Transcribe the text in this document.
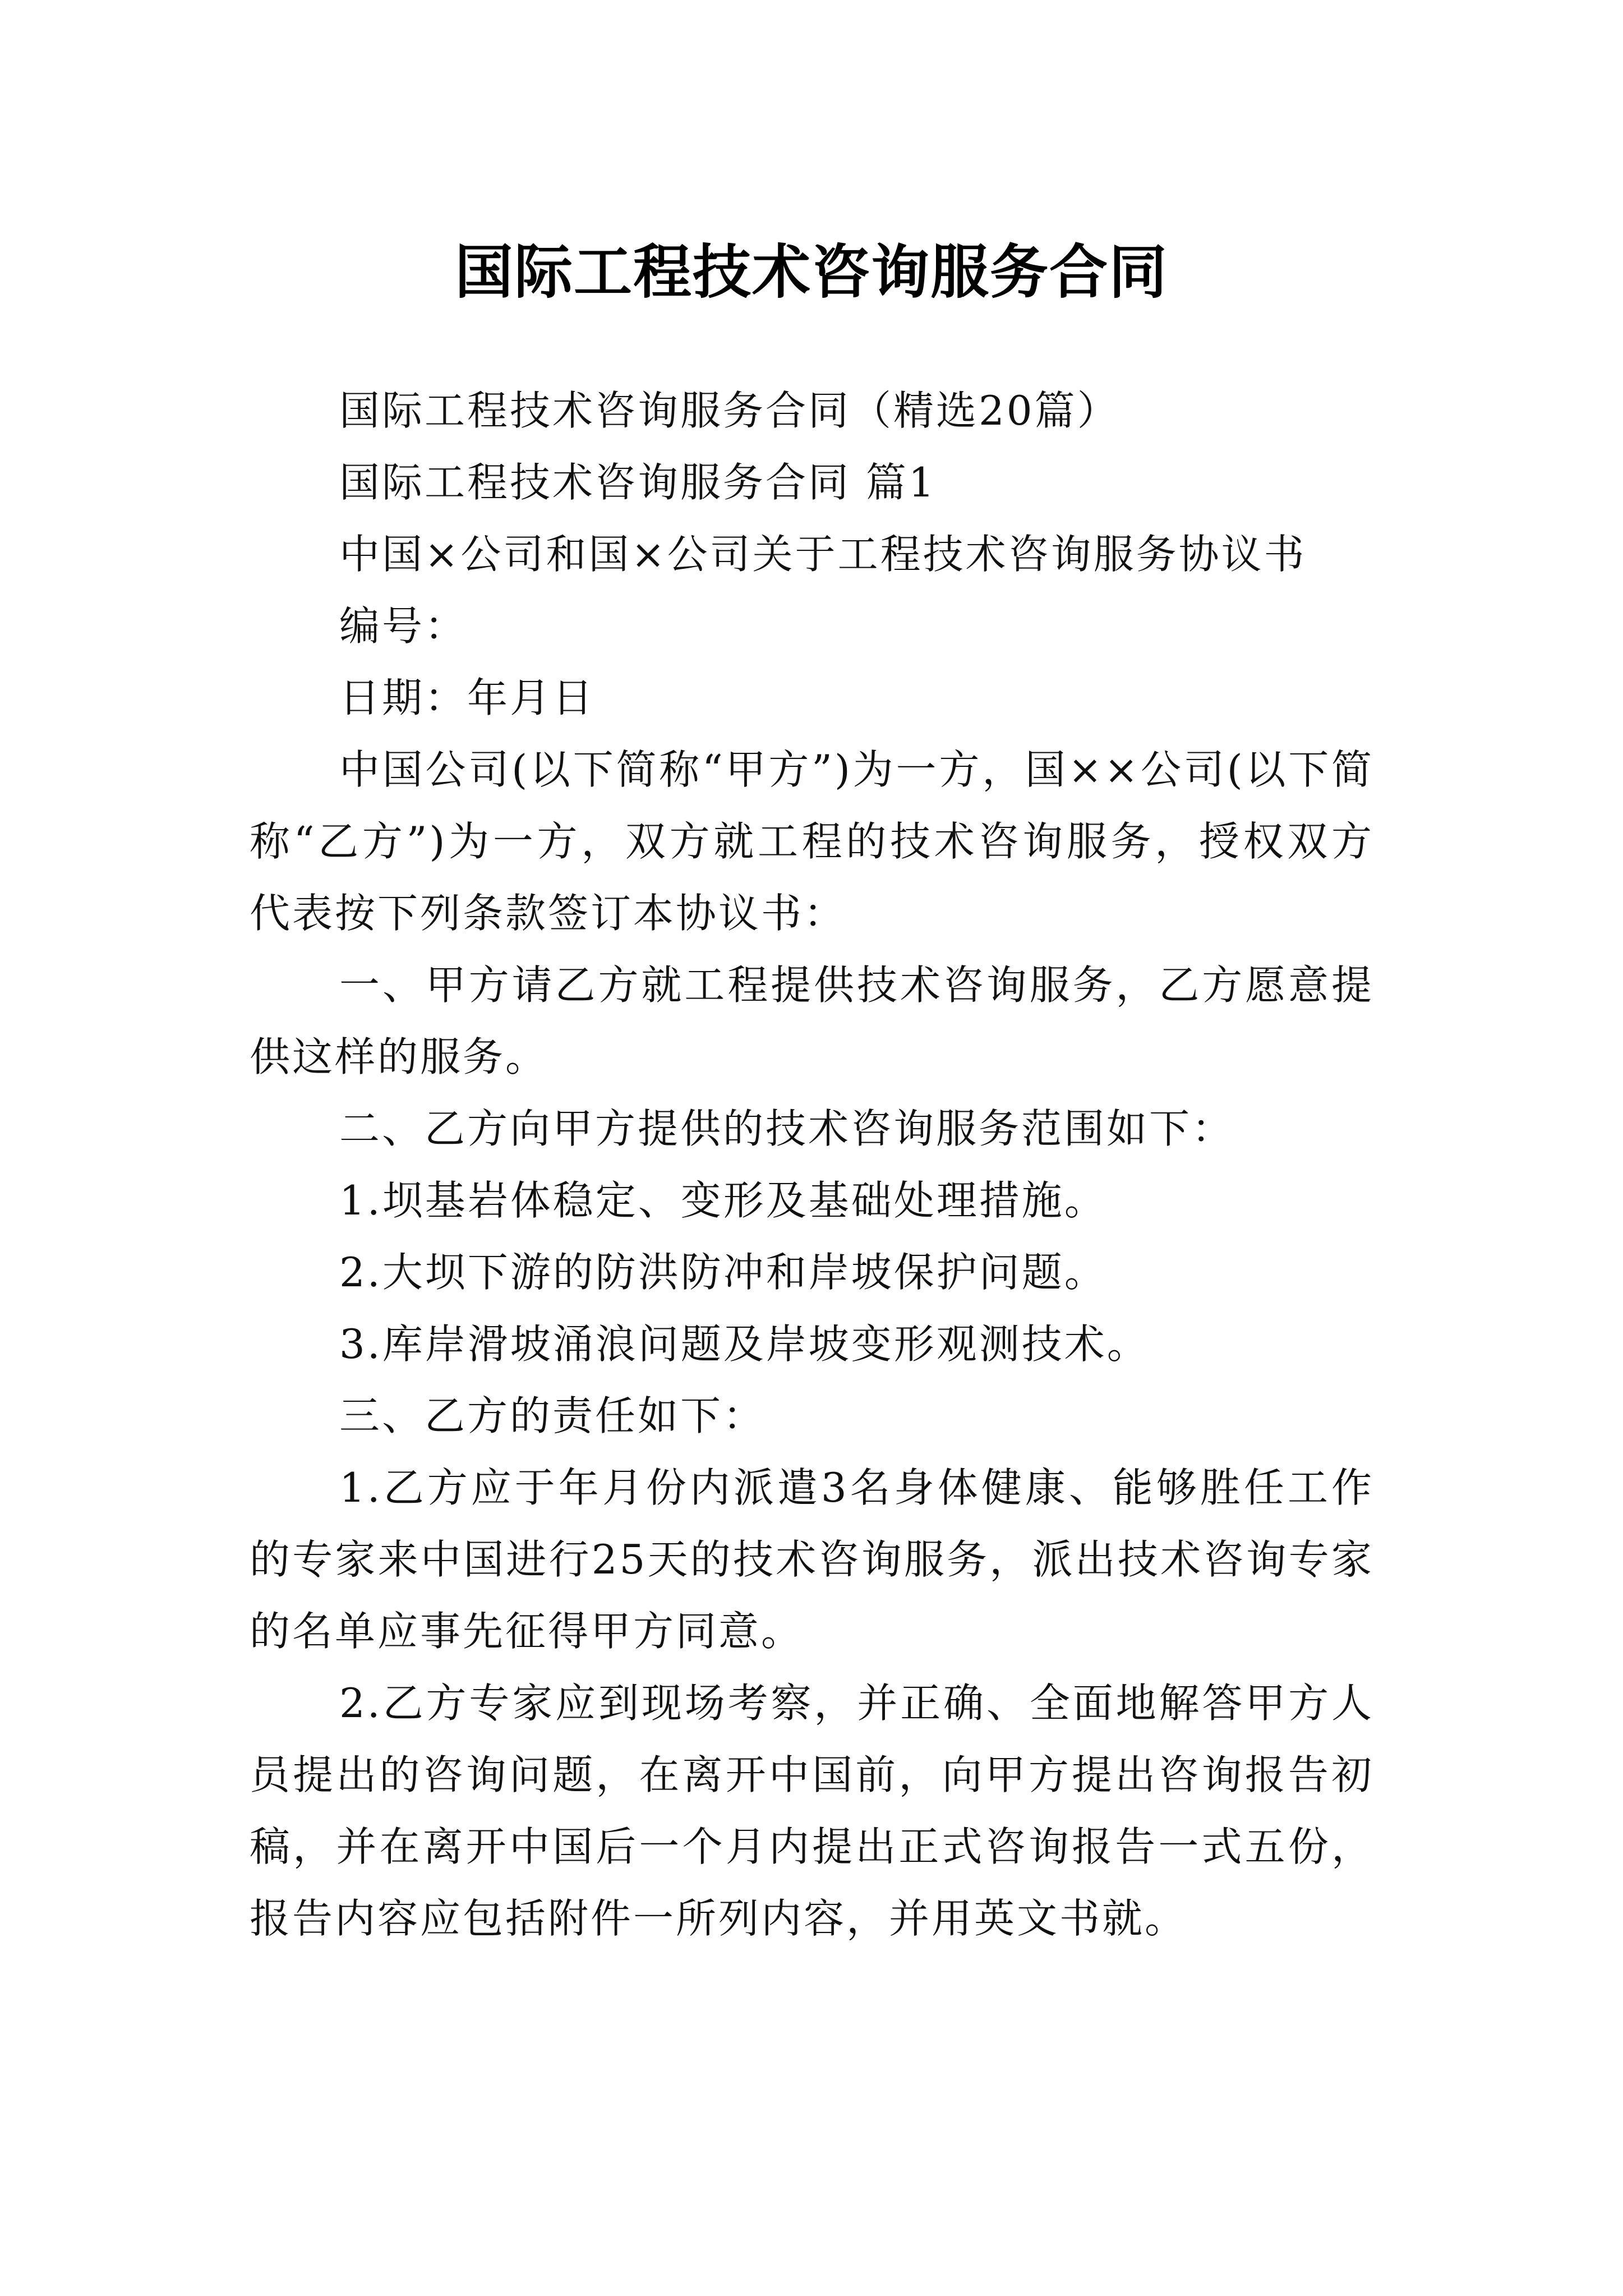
国际工程技术咨询服务合同

国际工程技术咨询服务合同（精选20篇）

国际工程技术咨询服务合同 篇1

中国×公司和国×公司关于工程技术咨询服务协议书

编号：

日期：年月日

中国公司(以下简称“甲方”)为一方，国××公司(以下简称“乙方”)为一方，双方就工程的技术咨询服务，授权双方代表按下列条款签订本协议书：

一、甲方请乙方就工程提供技术咨询服务，乙方愿意提供这样的服务。

二、乙方向甲方提供的技术咨询服务范围如下：

1.坝基岩体稳定、变形及基础处理措施。

2.大坝下游的防洪防冲和岸坡保护问题。

3.库岸滑坡涌浪问题及岸坡变形观测技术。

三、乙方的责任如下：

1.乙方应于年月份内派遣3名身体健康、能够胜任工作的专家来中国进行25天的技术咨询服务，派出技术咨询专家的名单应事先征得甲方同意。

2.乙方专家应到现场考察，并正确、全面地解答甲方人员提出的咨询问题，在离开中国前，向甲方提出咨询报告初稿，并在离开中国后一个月内提出正式咨询报告一式五份，报告内容应包括附件一所列内容，并用英文书就。
